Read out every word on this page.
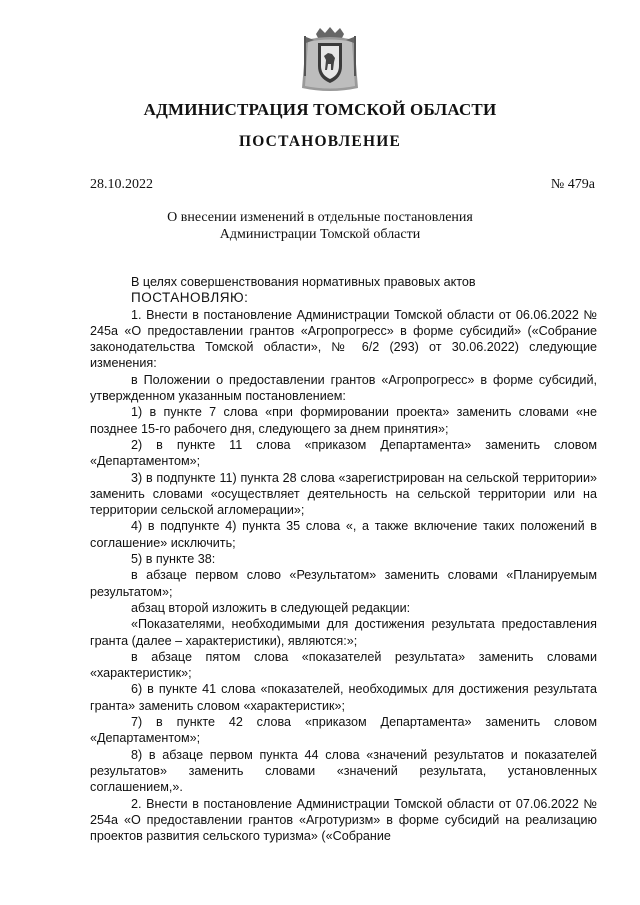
АДМИНИСТРАЦИЯ ТОМСКОЙ ОБЛАСТИ
ПОСТАНОВЛЕНИЕ
28.10.2022	№ 479а
О внесении изменений в отдельные постановления
Администрации Томской области

В целях совершенствования нормативных правовых актов

ПОСТАНОВЛЯЮ:

1. Внести в постановление Администрации Томской области от 06.06.2022 № 245а «О предоставлении грантов «Агропрогресс» в форме субсидий» («Собрание законодательства Томской области», № 6/2 (293) от 30.06.2022) следующие изменения:

в Положении о предоставлении грантов «Агропрогресс» в форме субсидий, утвержденном указанным постановлением:

1) в пункте 7 слова «при формировании проекта» заменить словами «не позднее 15-го рабочего дня, следующего за днем принятия»;

2) в пункте 11 слова «приказом Департамента» заменить словом «Департаментом»;

3) в подпункте 11) пункта 28 слова «зарегистрирован на сельской территории» заменить словами «осуществляет деятельность на сельской территории или на территории сельской агломерации»;

4) в подпункте 4) пункта 35 слова «, а также включение таких положений в соглашение» исключить;

5) в пункте 38:

в абзаце первом слово «Результатом» заменить словами «Планируемым результатом»;

абзац второй изложить в следующей редакции:

«Показателями, необходимыми для достижения результата предоставления гранта (далее – характеристики), являются:»;

в абзаце пятом слова «показателей результата» заменить словами «характеристик»;

6) в пункте 41 слова «показателей, необходимых для достижения результата гранта» заменить словом «характеристик»;

7) в пункте 42 слова «приказом Департамента» заменить словом «Департаментом»;

8) в абзаце первом пункта 44 слова «значений результатов и показателей результатов» заменить словами «значений результата, установленных соглашением,».

2. Внести в постановление Администрации Томской области от 07.06.2022 № 254а «О предоставлении грантов «Агротуризм» в форме субсидий на реализацию проектов развития сельского туризма» («Собрание
